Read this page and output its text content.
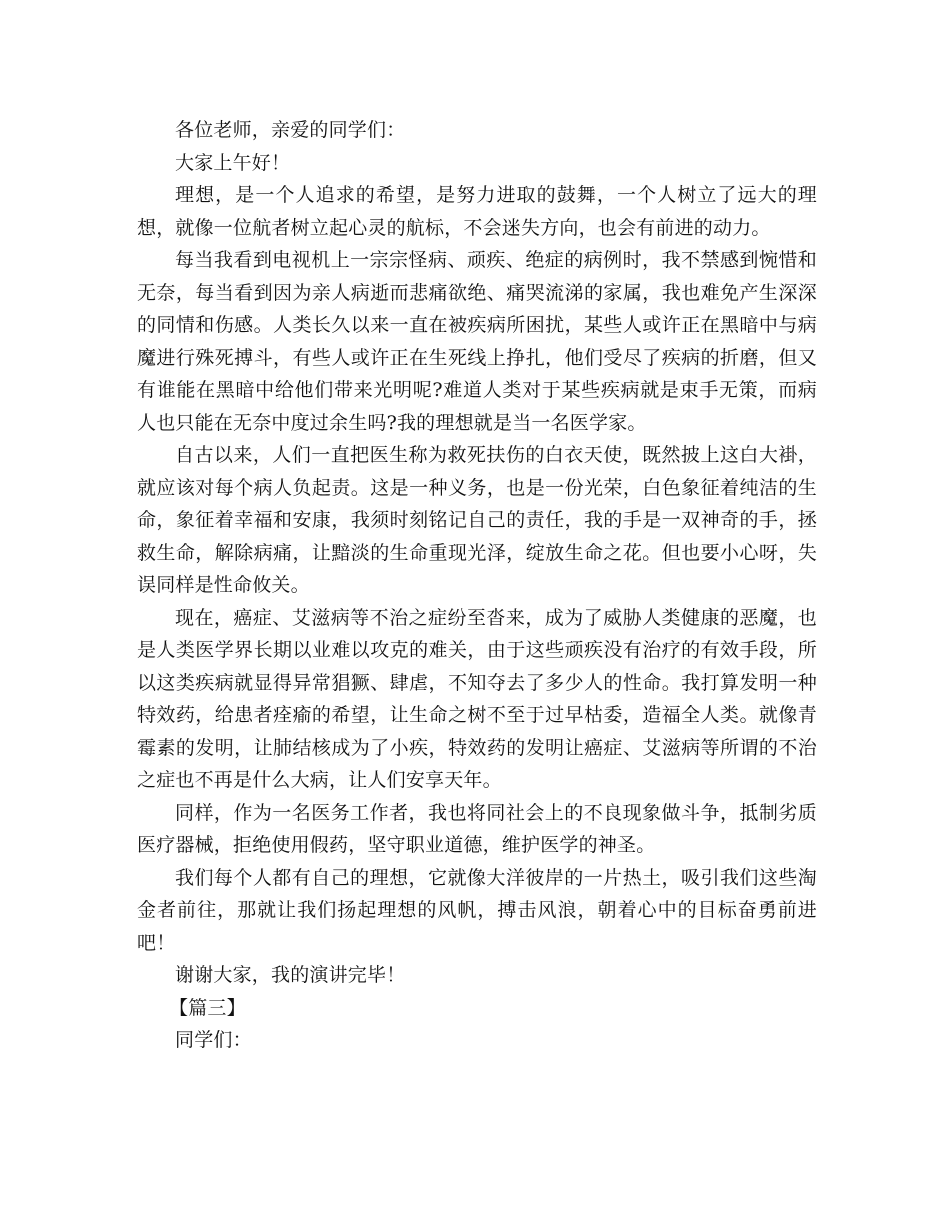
各位老师，亲爱的同学们：

大家上午好！

理想，是一个人追求的希望，是努力进取的鼓舞，一个人树立了远大的理想，就像一位航者树立起心灵的航标，不会迷失方向，也会有前进的动力。

每当我看到电视机上一宗宗怪病、顽疾、绝症的病例时，我不禁感到惋惜和无奈，每当看到因为亲人病逝而悲痛欲绝、痛哭流涕的家属，我也难免产生深深的同情和伤感。人类长久以来一直在被疾病所困扰，某些人或许正在黑暗中与病魔进行殊死搏斗，有些人或许正在生死线上挣扎，他们受尽了疾病的折磨，但又有谁能在黑暗中给他们带来光明呢?难道人类对于某些疾病就是束手无策，而病人也只能在无奈中度过余生吗?我的理想就是当一名医学家。

自古以来，人们一直把医生称为救死扶伤的白衣天使，既然披上这白大褂，就应该对每个病人负起责。这是一种义务，也是一份光荣，白色象征着纯洁的生命，象征着幸福和安康，我须时刻铭记自己的责任，我的手是一双神奇的手，拯救生命，解除病痛，让黯淡的生命重现光泽，绽放生命之花。但也要小心呀，失误同样是性命攸关。

现在，癌症、艾滋病等不治之症纷至沓来，成为了威胁人类健康的恶魔，也是人类医学界长期以业难以攻克的难关，由于这些顽疾没有治疗的有效手段，所以这类疾病就显得异常猖獗、肆虐，不知夺去了多少人的性命。我打算发明一种特效药，给患者痊瘉的希望，让生命之树不至于过早枯委，造福全人类。就像青霉素的发明，让肺结核成为了小疾，特效药的发明让癌症、艾滋病等所谓的不治之症也不再是什么大病，让人们安享天年。

同样，作为一名医务工作者，我也将同社会上的不良现象做斗争，抵制劣质医疗器械，拒绝使用假药，坚守职业道德，维护医学的神圣。

我们每个人都有自己的理想，它就像大洋彼岸的一片热土，吸引我们这些淘金者前往，那就让我们扬起理想的风帆，搏击风浪，朝着心中的目标奋勇前进吧！

谢谢大家，我的演讲完毕！

【篇三】

同学们：
